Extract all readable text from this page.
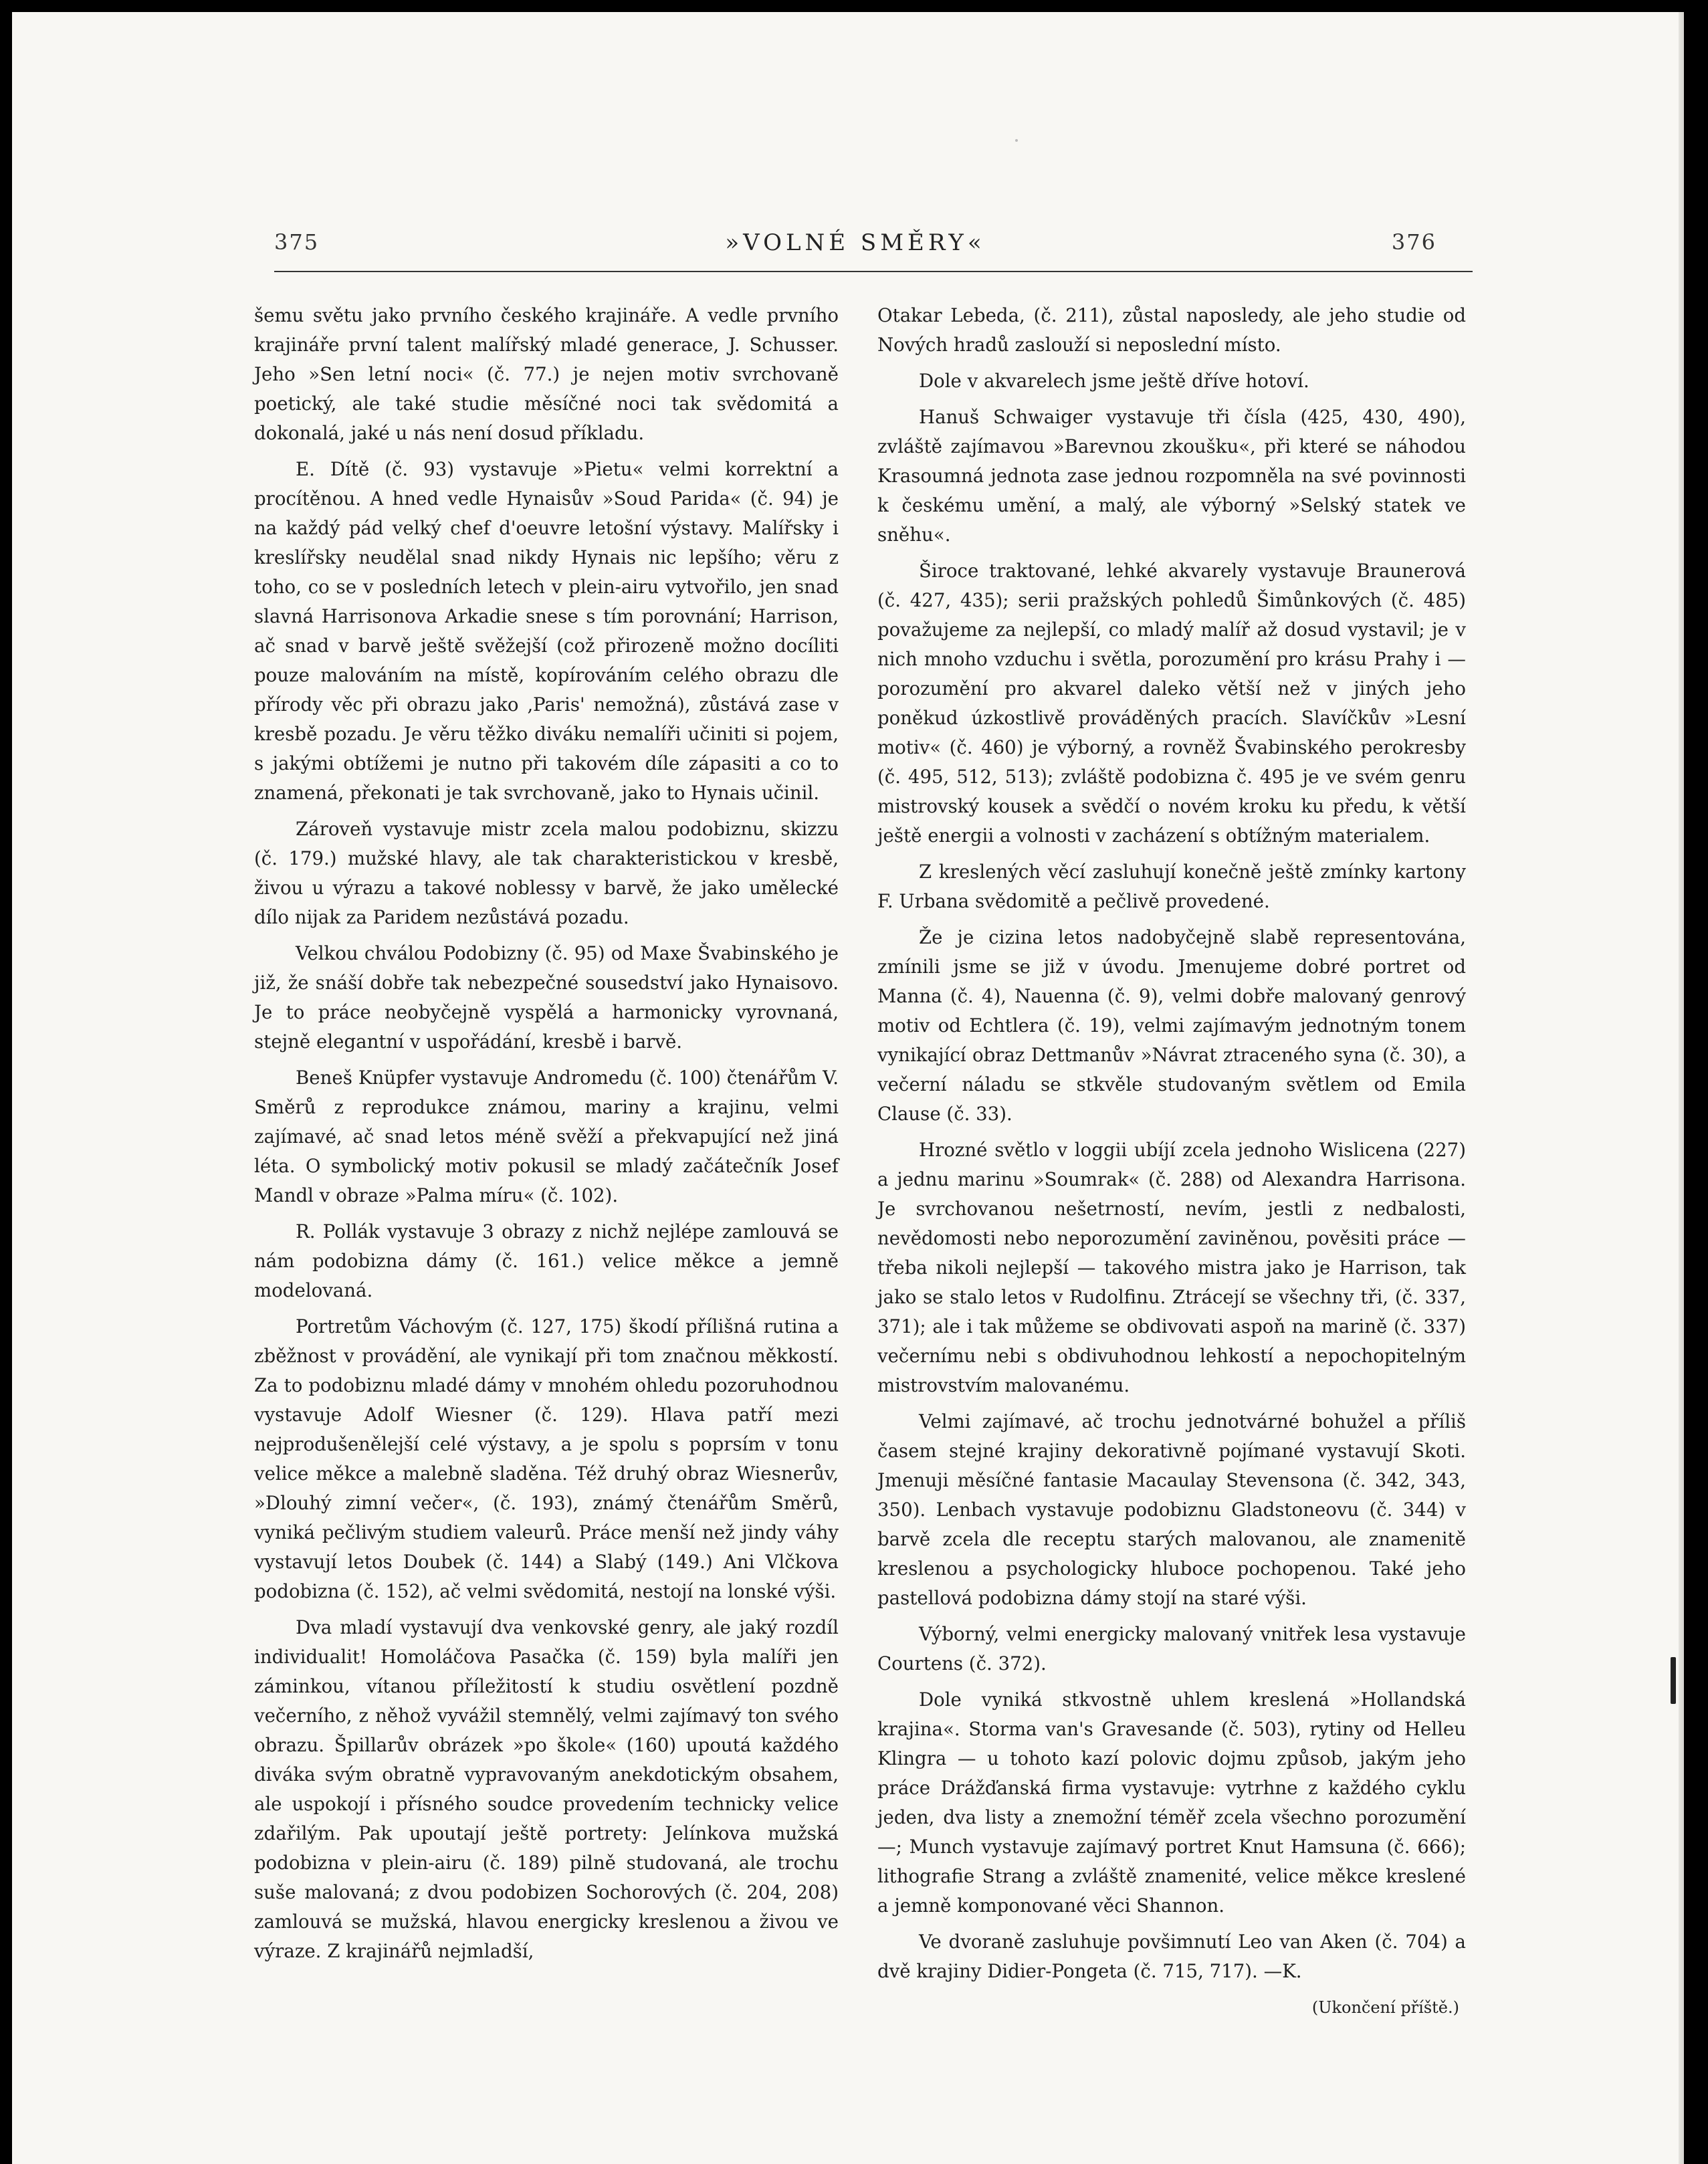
375	»VOLNÉ SMĚRY«	376

šemu světu jako prvního českého krajináře. A vedle prvního krajináře první talent malířský mladé generace, J. Schusser. Jeho »Sen letní noci« (č. 77.) je nejen motiv svrchovaně poetický, ale také studie měsíčné noci tak svědomitá a dokonalá, jaké u nás není dosud příkladu.

E. Dítě (č. 93) vystavuje »Pietu« velmi korrektní a procítěnou. A hned vedle Hynaisův »Soud Parida« (č. 94) je na každý pád velký chef d'oeuvre letošní výstavy. Malířsky i kreslířsky neudělal snad nikdy Hynais nic lepšího; věru z toho, co se v posledních letech v plein-airu vytvořilo, jen snad slavná Harrisonova Arkadie snese s tím porovnání; Harrison, ač snad v barvě ještě svěžejší (což přirozeně možno docíliti pouze malováním na místě, kopírováním celého obrazu dle přírody věc při obrazu jako ‚Paris' nemožná), zůstává zase v kresbě pozadu. Je věru těžko diváku nemalíři učiniti si pojem, s jakými obtížemi je nutno při takovém díle zápasiti a co to znamená, překonati je tak svrchovaně, jako to Hynais učinil.

Zároveň vystavuje mistr zcela malou podobiznu, skizzu (č. 179.) mužské hlavy, ale tak charakteristickou v kresbě, živou u výrazu a takové noblessy v barvě, že jako umělecké dílo nijak za Paridem nezůstává pozadu.

Velkou chválou Podobizny (č. 95) od Maxe Švabinského je již, že snáší dobře tak nebezpečné sousedství jako Hynaisovo. Je to práce neobyčejně vyspělá a harmonicky vyrovnaná, stejně elegantní v uspořádání, kresbě i barvě.

Beneš Knüpfer vystavuje Andromedu (č. 100) čtenářům V. Směrů z reprodukce známou, mariny a krajinu, velmi zajímavé, ač snad letos méně svěží a překvapující než jiná léta. O symbolický motiv pokusil se mladý začátečník Josef Mandl v obraze »Palma míru« (č. 102).

R. Pollák vystavuje 3 obrazy z nichž nejlépe zamlouvá se nám podobizna dámy (č. 161.) velice měkce a jemně modelovaná.

Portretům Váchovým (č. 127, 175) škodí přílišná rutina a zběžnost v provádění, ale vynikají při tom značnou měkkostí. Za to podobiznu mladé dámy v mnohém ohledu pozoruhodnou vystavuje Adolf Wiesner (č. 129). Hlava patří mezi nejprodušenělejší celé výstavy, a je spolu s poprsím v tonu velice měkce a malebně sladěna. Též druhý obraz Wiesnerův, »Dlouhý zimní večer«, (č. 193), známý čtenářům Směrů, vyniká pečlivým studiem valeurů. Práce menší než jindy váhy vystavují letos Doubek (č. 144) a Slabý (149.) Ani Vlčkova podobizna (č. 152), ač velmi svědomitá, nestojí na lonské výši.

Dva mladí vystavují dva venkovské genry, ale jaký rozdíl individualit! Homoláčova Pasačka (č. 159) byla malíři jen záminkou, vítanou příležitostí k studiu osvětlení pozdně večerního, z něhož vyvážil stemnělý, velmi zajímavý ton svého obrazu. Špillarův obrázek »po škole« (160) upoutá každého diváka svým obratně vypravovaným anekdotickým obsahem, ale uspokojí i přísného soudce provedením technicky velice zdařilým. Pak upoutají ještě portrety: Jelínkova mužská podobizna v plein-airu (č. 189) pilně studovaná, ale trochu suše malovaná; z dvou podobizen Sochorových (č. 204, 208) zamlouvá se mužská, hlavou energicky kreslenou a živou ve výraze. Z krajinářů nejmladší,

Otakar Lebeda, (č. 211), zůstal naposledy, ale jeho studie od Nových hradů zaslouží si neposlední místo.

Dole v akvarelech jsme ještě dříve hotoví.

Hanuš Schwaiger vystavuje tři čísla (425, 430, 490), zvláště zajímavou »Barevnou zkoušku«, při které se náhodou Krasoumná jednota zase jednou rozpomněla na své povinnosti k českému umění, a malý, ale výborný »Selský statek ve sněhu«.

Široce traktované, lehké akvarely vystavuje Braunerová (č. 427, 435); serii pražských pohledů Šimůnkových (č. 485) považujeme za nejlepší, co mladý malíř až dosud vystavil; je v nich mnoho vzduchu i světla, porozumění pro krásu Prahy i — porozumění pro akvarel daleko větší než v jiných jeho poněkud úzkostlivě prováděných pracích. Slavíčkův »Lesní motiv« (č. 460) je výborný, a rovněž Švabinského perokresby (č. 495, 512, 513); zvláště podobizna č. 495 je ve svém genru mistrovský kousek a svědčí o novém kroku ku předu, k větší ještě energii a volnosti v zacházení s obtížným materialem.

Z kreslených věcí zasluhují konečně ještě zmínky kartony F. Urbana svědomitě a pečlivě provedené.

Že je cizina letos nadobyčejně slabě representována, zmínili jsme se již v úvodu. Jmenujeme dobré portret od Manna (č. 4), Nauenna (č. 9), velmi dobře malovaný genrový motiv od Echtlera (č. 19), velmi zajímavým jednotným tonem vynikající obraz Dettmanův »Návrat ztraceného syna (č. 30), a večerní náladu se stkvěle studovaným světlem od Emila Clause (č. 33).

Hrozné světlo v loggii ubíjí zcela jednoho Wislicena (227) a jednu marinu »Soumrak« (č. 288) od Alexandra Harrisona. Je svrchovanou nešetrností, nevím, jestli z nedbalosti, nevědomosti nebo neporozumění zaviněnou, pověsiti práce — třeba nikoli nejlepší — takového mistra jako je Harrison, tak jako se stalo letos v Rudolfinu. Ztrácejí se všechny tři, (č. 337, 371); ale i tak můžeme se obdivovati aspoň na marině (č. 337) večernímu nebi s obdivuhodnou lehkostí a nepochopitelným mistrovstvím malovanému.

Velmi zajímavé, ač trochu jednotvárné bohužel a příliš časem stejné krajiny dekorativně pojímané vystavují Skoti. Jmenuji měsíčné fantasie Macaulay Stevensona (č. 342, 343, 350). Lenbach vystavuje podobiznu Gladstoneovu (č. 344) v barvě zcela dle receptu starých malovanou, ale znamenitě kreslenou a psychologicky hluboce pochopenou. Také jeho pastellová podobizna dámy stojí na staré výši.

Výborný, velmi energicky malovaný vnitřek lesa vystavuje Courtens (č. 372).

Dole vyniká stkvostně uhlem kreslená »Hollandská krajina«. Storma van's Gravesande (č. 503), rytiny od Helleu Klingra — u tohoto kazí polovic dojmu způsob, jakým jeho práce Drážďanská firma vystavuje: vytrhne z každého cyklu jeden, dva listy a znemožní téměř zcela všechno porozumění —; Munch vystavuje zajímavý portret Knut Hamsuna (č. 666); lithografie Strang a zvláště znamenité, velice měkce kreslené a jemně komponované věci Shannon.

Ve dvoraně zasluhuje povšimnutí Leo van Aken (č. 704) a dvě krajiny Didier-Pongeta (č. 715, 717). —K.

(Ukončení příště.)
